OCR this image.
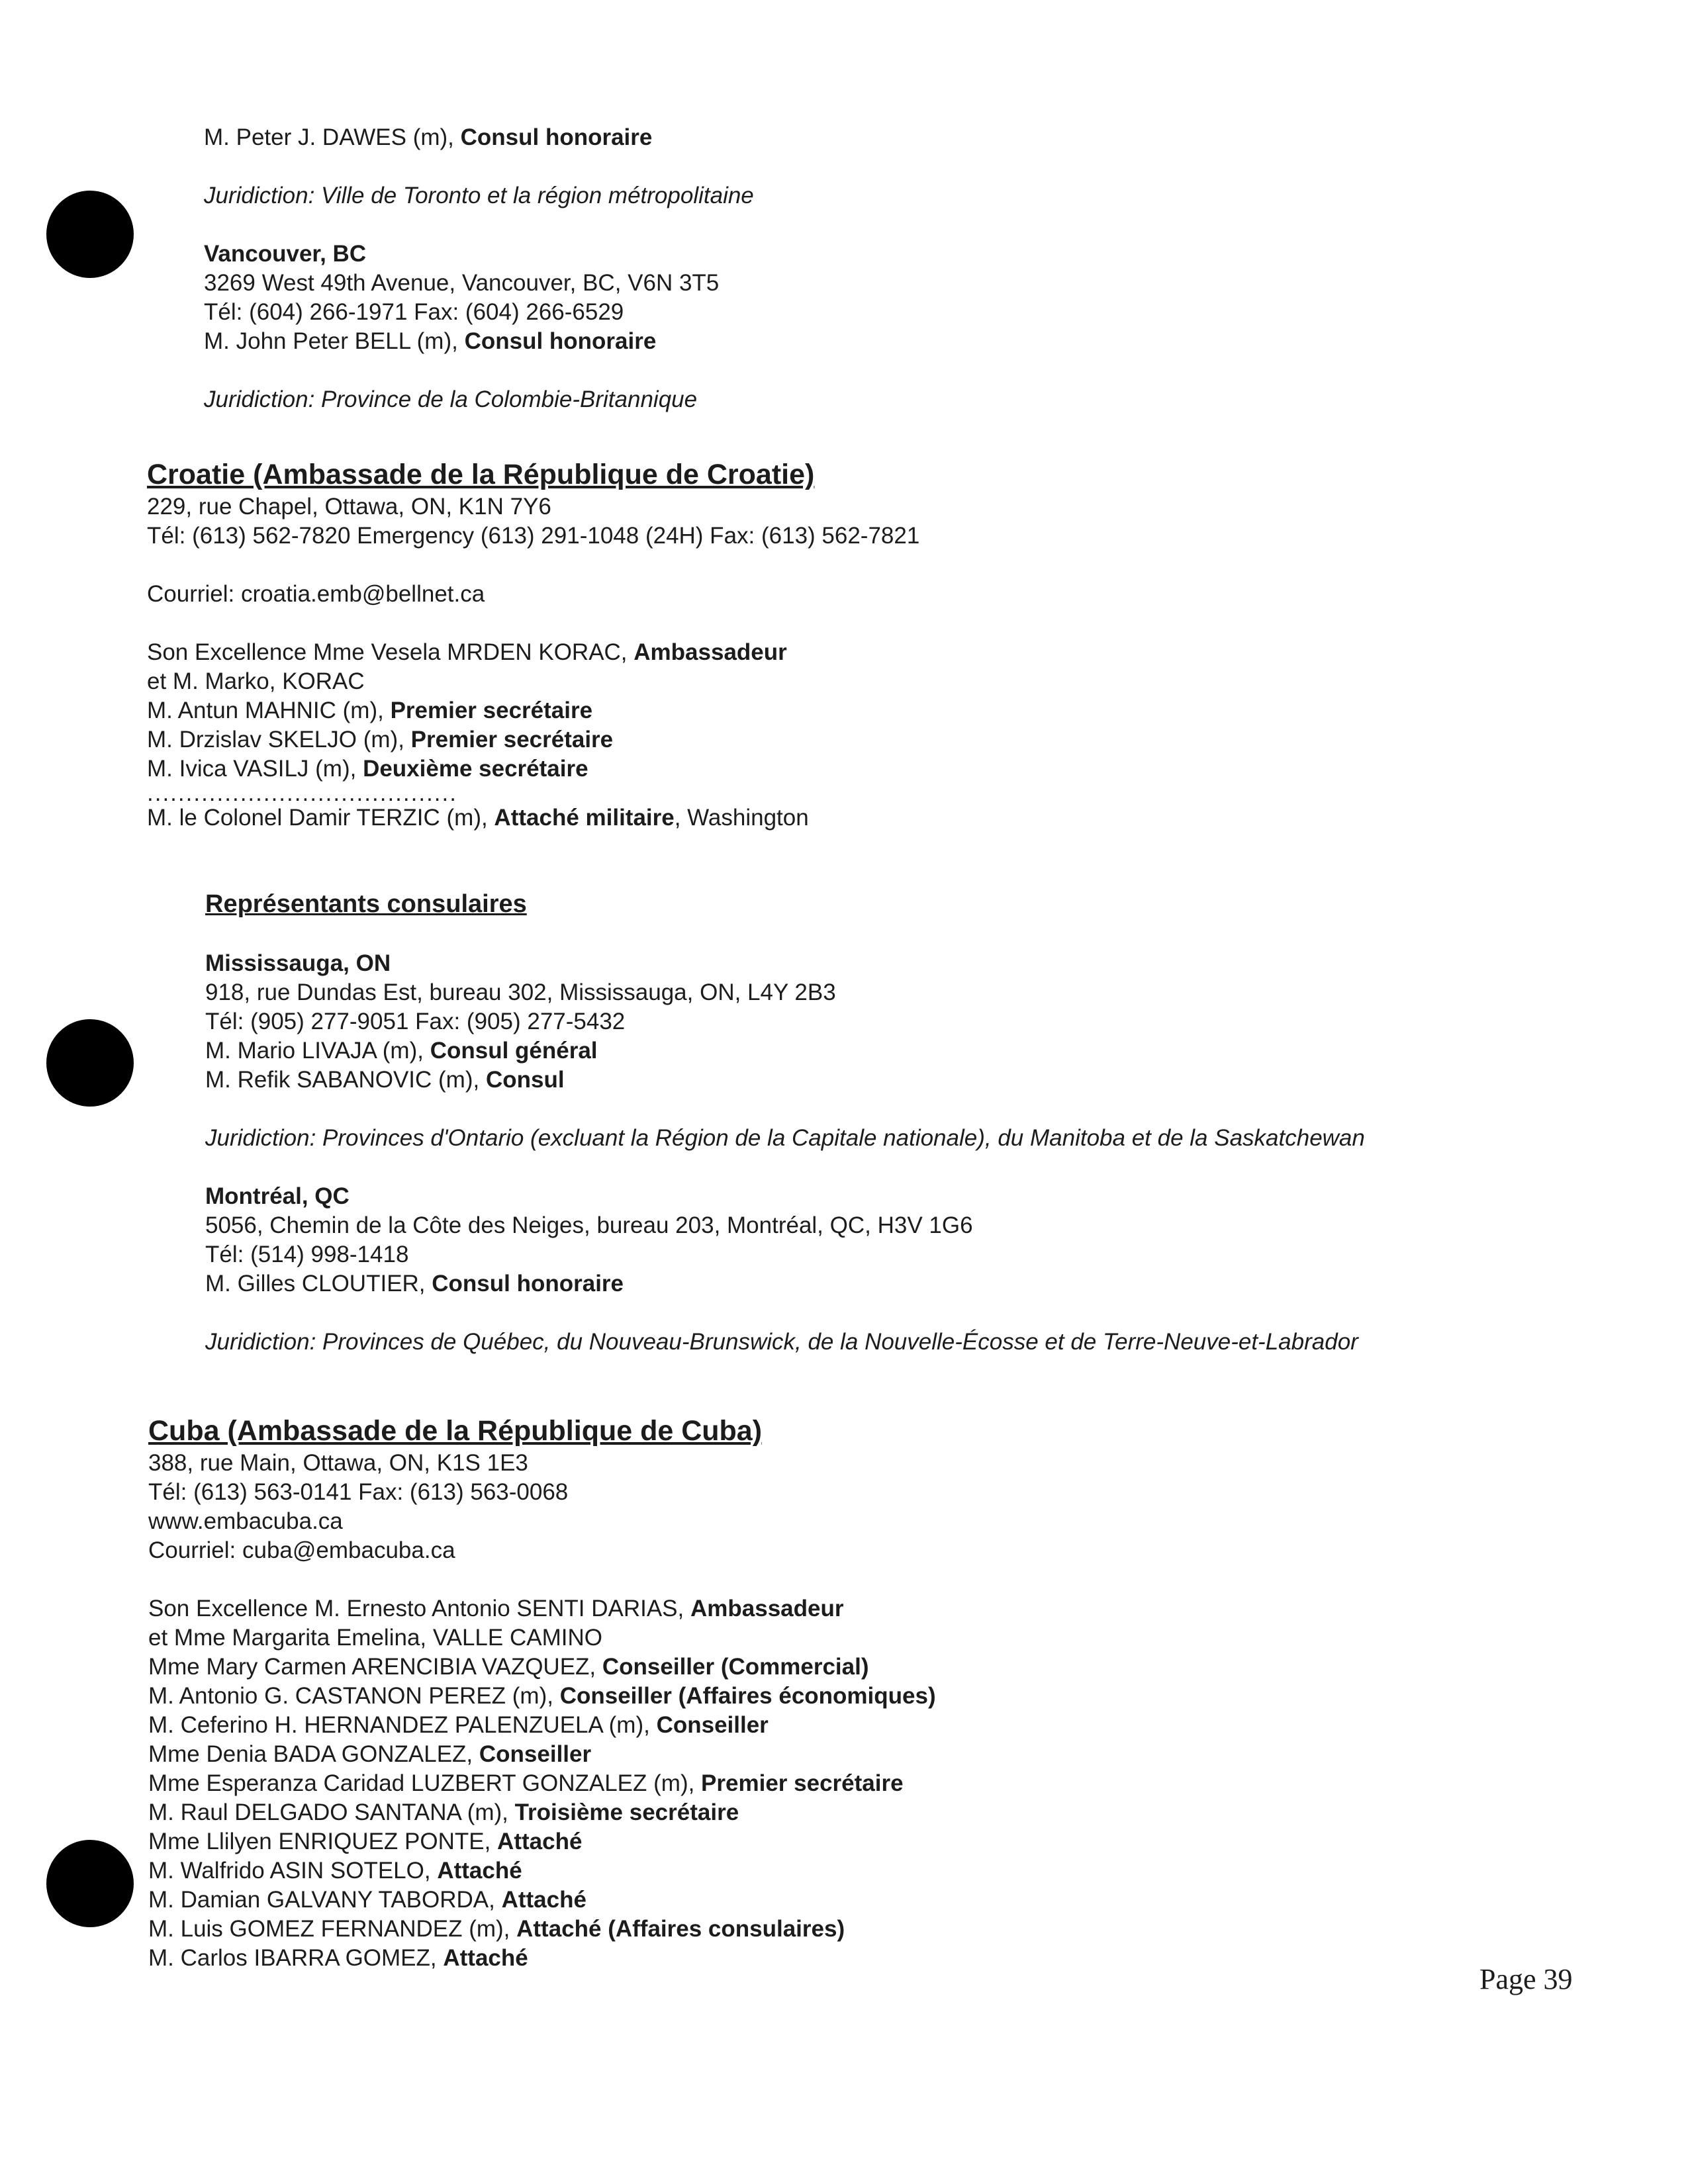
M. Peter J. DAWES (m), Consul honoraire
Juridiction: Ville de Toronto et la région métropolitaine
Vancouver, BC
3269 West 49th Avenue, Vancouver, BC, V6N 3T5
Tél: (604) 266-1971 Fax: (604) 266-6529
M. John Peter BELL (m), Consul honoraire
Juridiction: Province de la Colombie-Britannique
Croatie (Ambassade de la République de Croatie)
229, rue Chapel, Ottawa, ON, K1N 7Y6
Tél: (613) 562-7820 Emergency (613) 291-1048 (24H) Fax: (613) 562-7821
Courriel: croatia.emb@bellnet.ca
Son Excellence Mme Vesela MRDEN KORAC, Ambassadeur
et M. Marko, KORAC
M. Antun MAHNIC (m), Premier secrétaire
M. Drzislav SKELJO (m), Premier secrétaire
M. Ivica VASILJ (m), Deuxième secrétaire
........................................
M. le Colonel Damir TERZIC (m), Attaché militaire, Washington
Représentants consulaires
Mississauga, ON
918, rue Dundas Est, bureau 302, Mississauga, ON, L4Y 2B3
Tél: (905) 277-9051 Fax: (905) 277-5432
M. Mario LIVAJA (m), Consul général
M. Refik SABANOVIC (m), Consul
Juridiction: Provinces d'Ontario (excluant la Région de la Capitale nationale), du Manitoba et de la Saskatchewan
Montréal, QC
5056, Chemin de la Côte des Neiges, bureau 203, Montréal, QC, H3V 1G6
Tél: (514) 998-1418
M. Gilles CLOUTIER, Consul honoraire
Juridiction: Provinces de Québec, du Nouveau-Brunswick, de la Nouvelle-Écosse et de Terre-Neuve-et-Labrador
Cuba (Ambassade de la République de Cuba)
388, rue Main, Ottawa, ON, K1S 1E3
Tél: (613) 563-0141 Fax: (613) 563-0068
www.embacuba.ca
Courriel: cuba@embacuba.ca
Son Excellence M. Ernesto Antonio SENTI DARIAS, Ambassadeur
et Mme Margarita Emelina, VALLE CAMINO
Mme Mary Carmen ARENCIBIA VAZQUEZ, Conseiller (Commercial)
M. Antonio G. CASTANON PEREZ (m), Conseiller (Affaires économiques)
M. Ceferino H. HERNANDEZ PALENZUELA (m), Conseiller
Mme Denia BADA GONZALEZ, Conseiller
Mme Esperanza Caridad LUZBERT GONZALEZ (m), Premier secrétaire
M. Raul DELGADO SANTANA (m), Troisième secrétaire
Mme Llilyen ENRIQUEZ PONTE, Attaché
M. Walfrido ASIN SOTELO, Attaché
M. Damian GALVANY TABORDA, Attaché
M. Luis GOMEZ FERNANDEZ (m), Attaché (Affaires consulaires)
M. Carlos IBARRA GOMEZ, Attaché
Page 39
